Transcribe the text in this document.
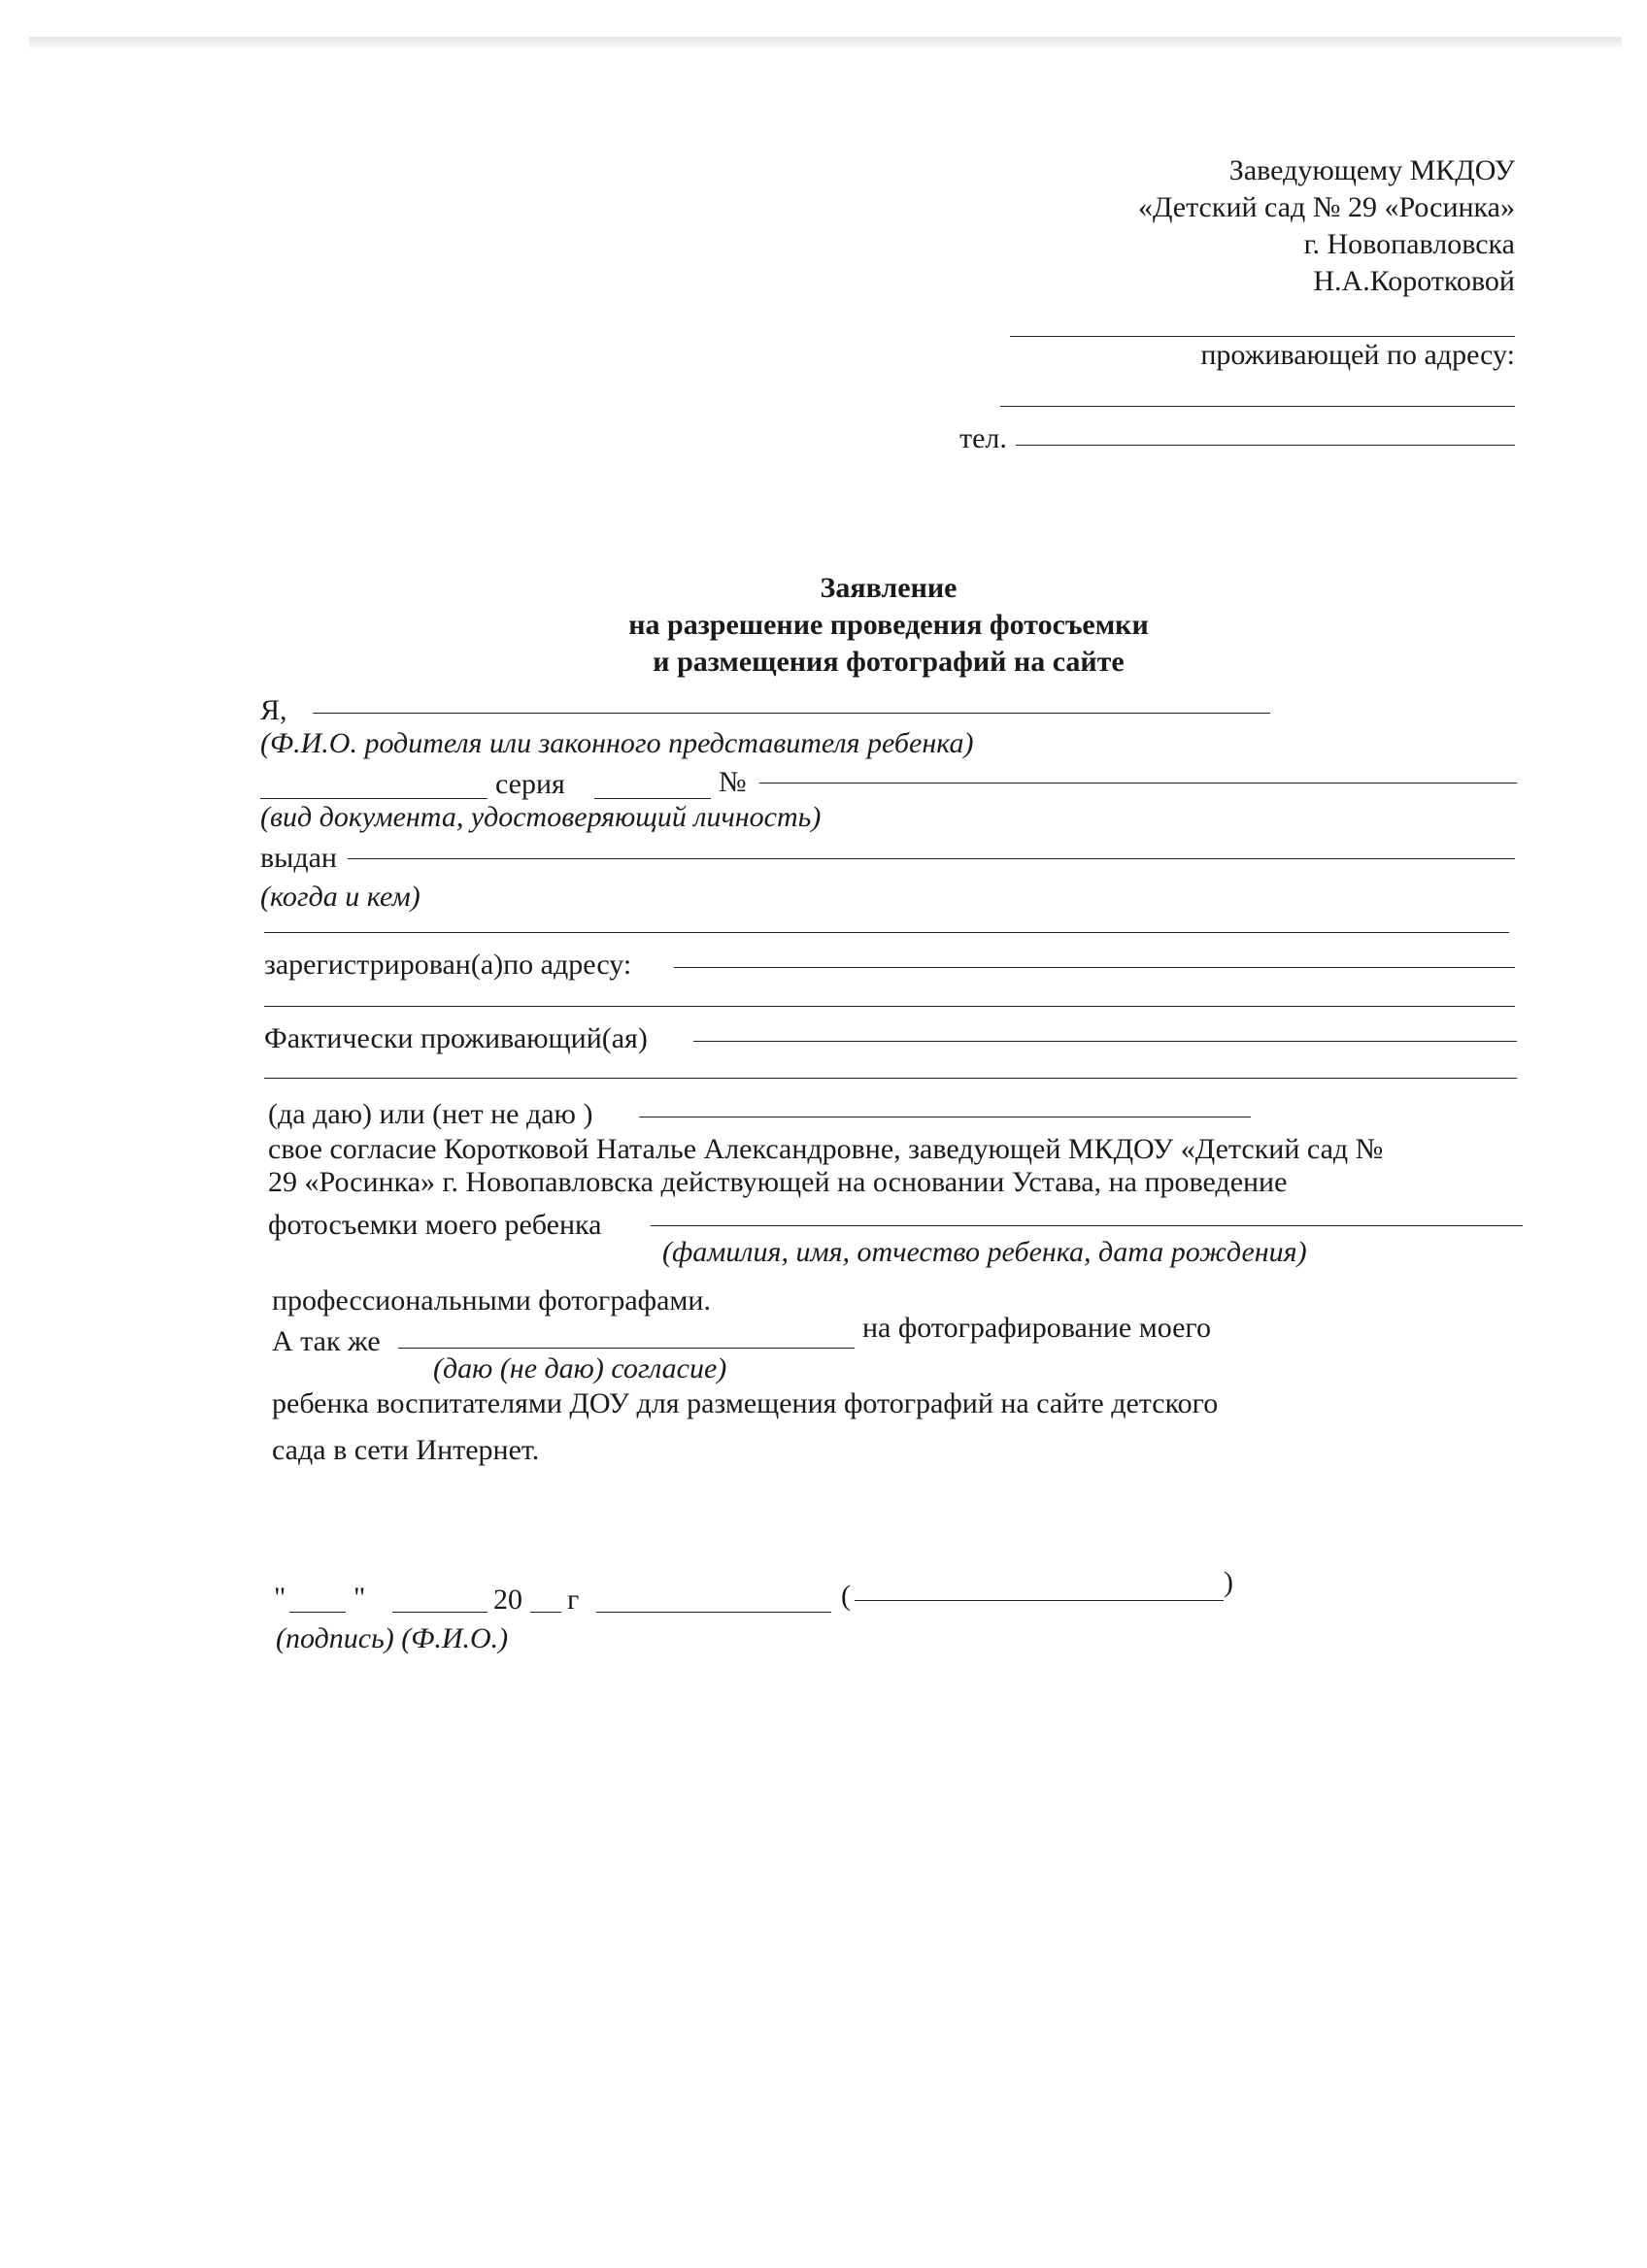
Заведующему МКДОУ
«Детский сад № 29 «Росинка»
г. Новопавловска
Н.А.Коротковой
проживающей по адресу:
тел.
Заявление
на разрешение проведения фотосъемки
и размещения фотографий на сайте
Я,
(Ф.И.О. родителя или законного представителя ребенка)
серия	№
(вид документа, удостоверяющий личность)
выдан
(когда и кем)
зарегистрирован(а)по адресу:
Фактически проживающий(ая)
(да даю) или (нет не даю )
свое согласие Коротковой Наталье Александровне, заведующей МКДОУ «Детский сад №
29 «Росинка» г. Новопавловска действующей на основании Устава, на проведение
фотосъемки моего ребенка
(фамилия, имя, отчество ребенка, дата рождения)
профессиональными фотографами.
А так же	на фотографирование моего
(даю (не даю) согласие)
ребенка воспитателями ДОУ для размещения фотографий на сайте детского
сада в сети Интернет.
" "	20 г	(	)
(подпись) (Ф.И.О.)
